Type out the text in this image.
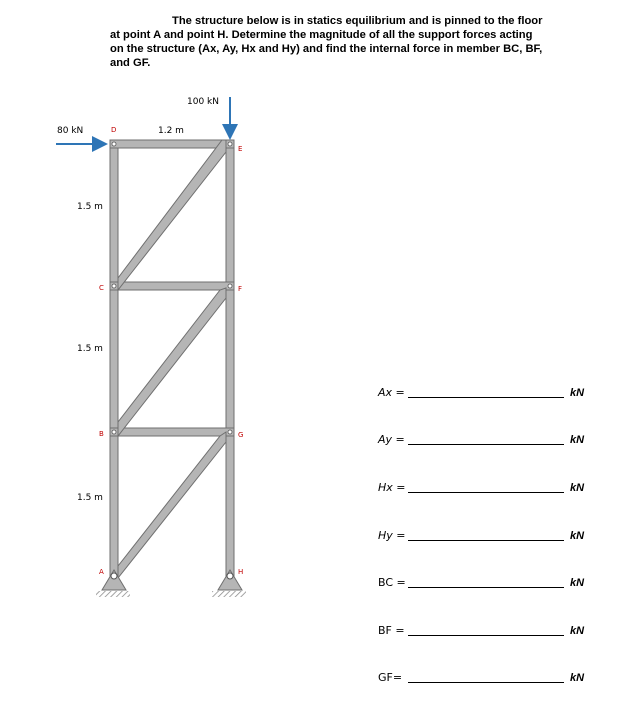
The structure below is in statics equilibrium and is pinned to the floor

at point A and point H. Determine the magnitude of all the support forces acting

on the structure (Ax, Ay, Hx and Hy) and find the internal force in member BC, BF,

and GF.

100 kN
80 kN	1.2 m
1.5 m
1.5 m
1.5 m
D
E
C	F
B	G
A	H
Ax =	kN
Ay =	kN
Hx =	kN
Hy =	kN
BC =	kN
BF =	kN
GF=	kN
